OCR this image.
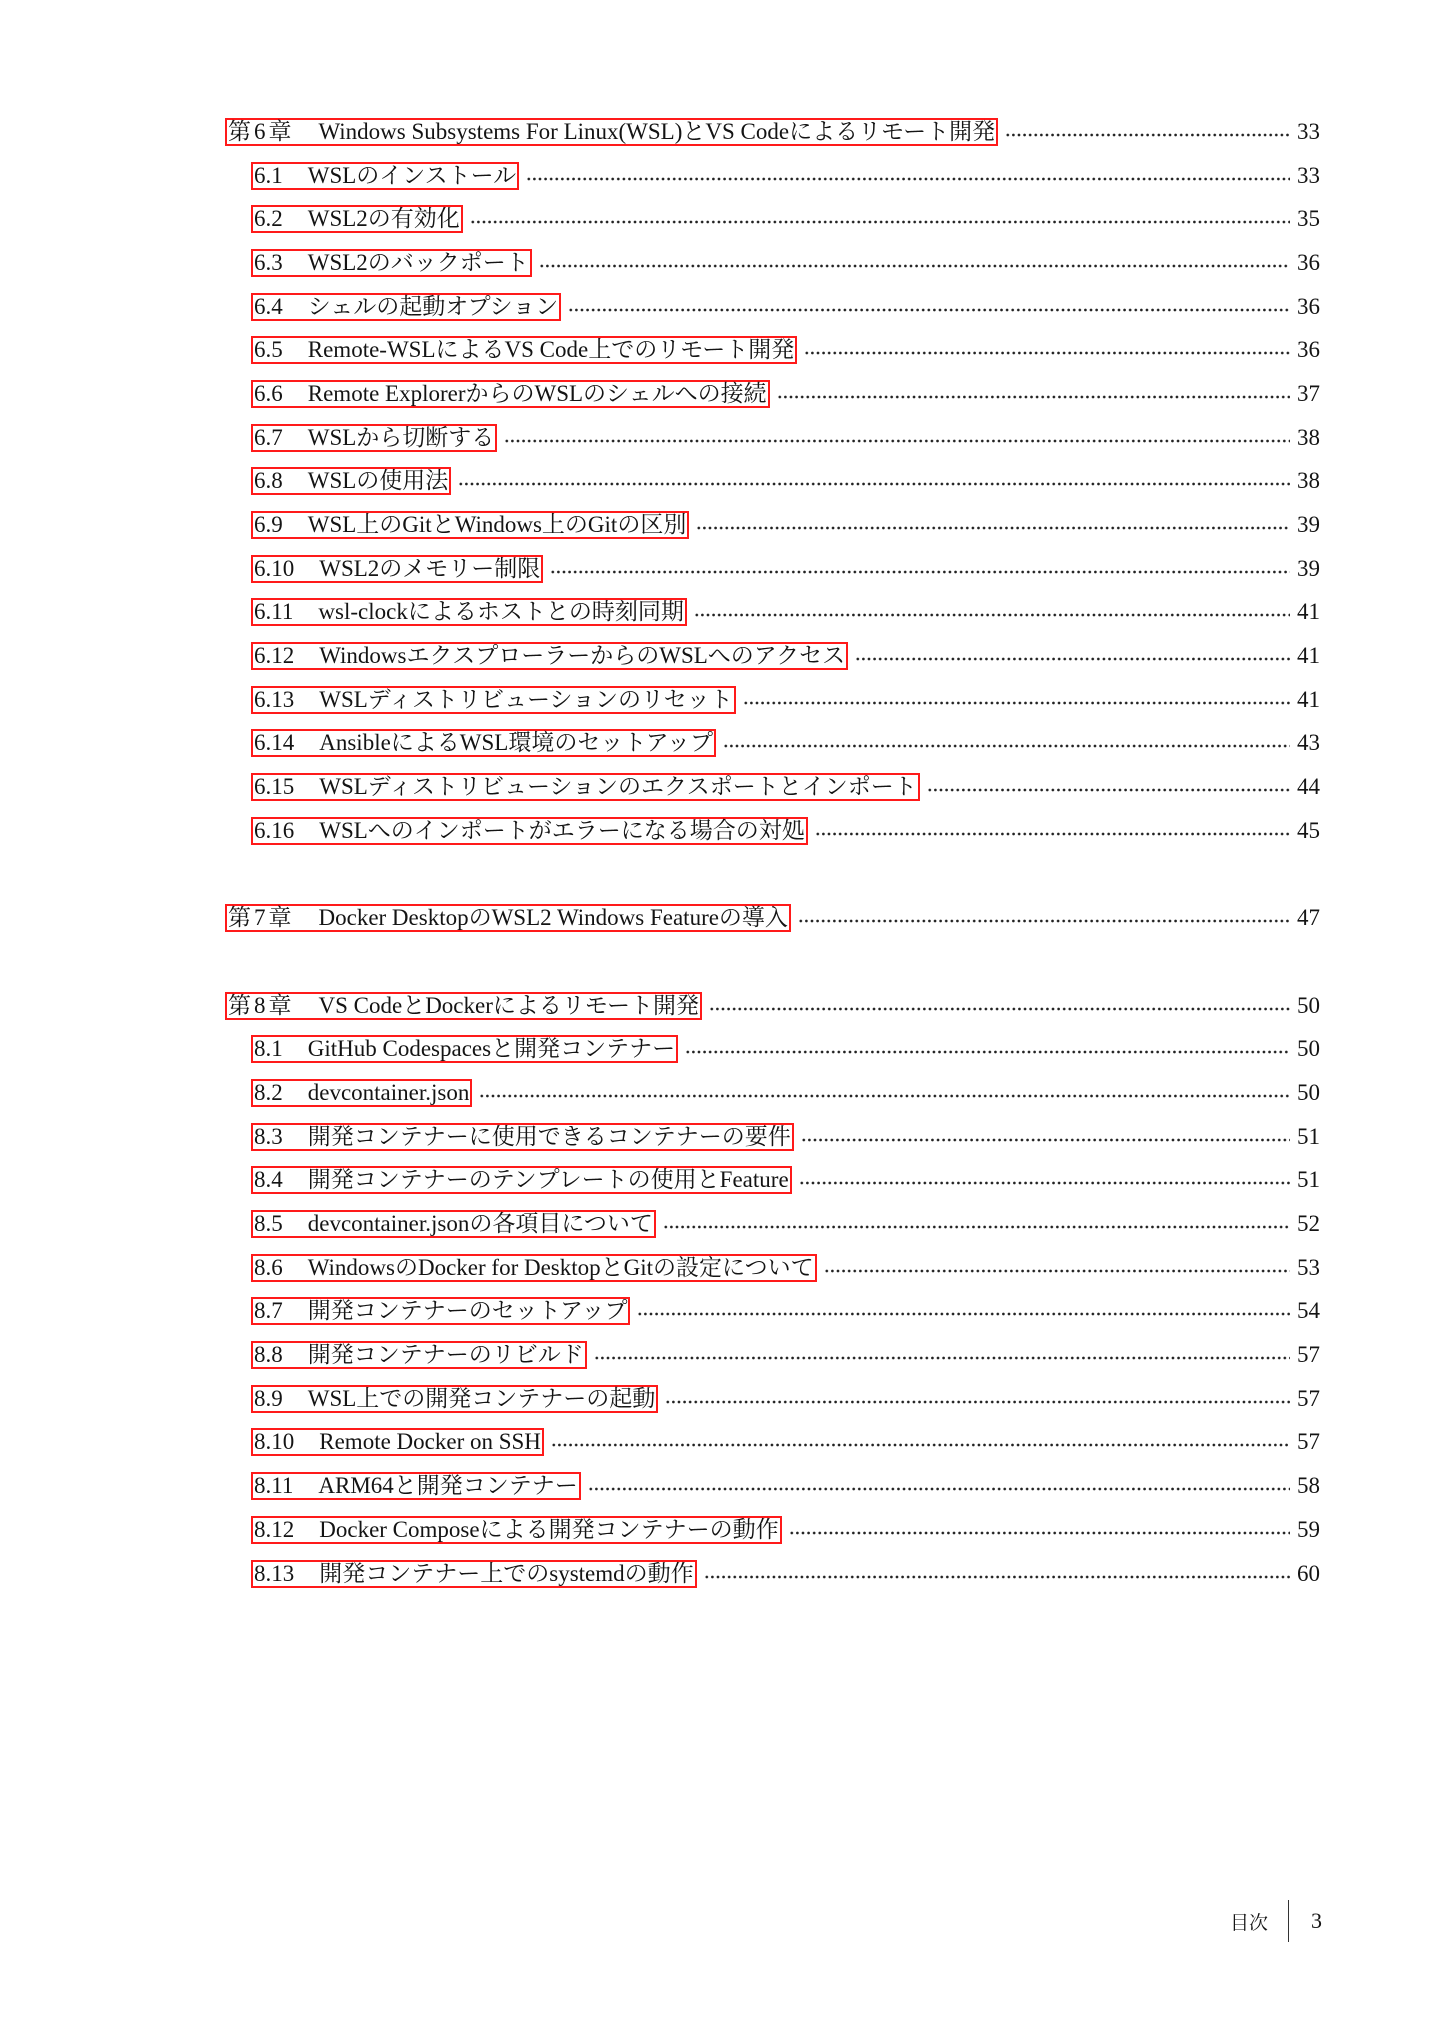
第6章 Windows Subsystems For Linux(WSL)とVS Codeによるリモート開発	33
6.1 WSLのインストール	33
6.2 WSL2の有効化	35
6.3 WSL2のバックポート	36
6.4 シェルの起動オプション	36
6.5 Remote-WSLによるVS Code上でのリモート開発	36
6.6 Remote ExplorerからのWSLのシェルへの接続	37
6.7 WSLから切断する	38
6.8 WSLの使用法	38
6.9 WSL上のGitとWindows上のGitの区別	39
6.10 WSL2のメモリー制限	39
6.11 wsl-clockによるホストとの時刻同期	41
6.12 WindowsエクスプローラーからのWSLへのアクセス	41
6.13 WSLディストリビューションのリセット	41
6.14 AnsibleによるWSL環境のセットアップ	43
6.15 WSLディストリビューションのエクスポートとインポート	44
6.16 WSLへのインポートがエラーになる場合の対処	45
第7章 Docker DesktopのWSL2 Windows Featureの導入	47
第8章 VS CodeとDockerによるリモート開発	50
8.1 GitHub Codespacesと開発コンテナー	50
8.2 devcontainer.json	50
8.3 開発コンテナーに使用できるコンテナーの要件	51
8.4 開発コンテナーのテンプレートの使用とFeature	51
8.5 devcontainer.jsonの各項目について	52
8.6 WindowsのDocker for DesktopとGitの設定について	53
8.7 開発コンテナーのセットアップ	54
8.8 開発コンテナーのリビルド	57
8.9 WSL上での開発コンテナーの起動	57
8.10 Remote Docker on SSH	57
8.11 ARM64と開発コンテナー	58
8.12 Docker Composeによる開発コンテナーの動作	59
8.13 開発コンテナー上でのsystemdの動作	60
目次 3
